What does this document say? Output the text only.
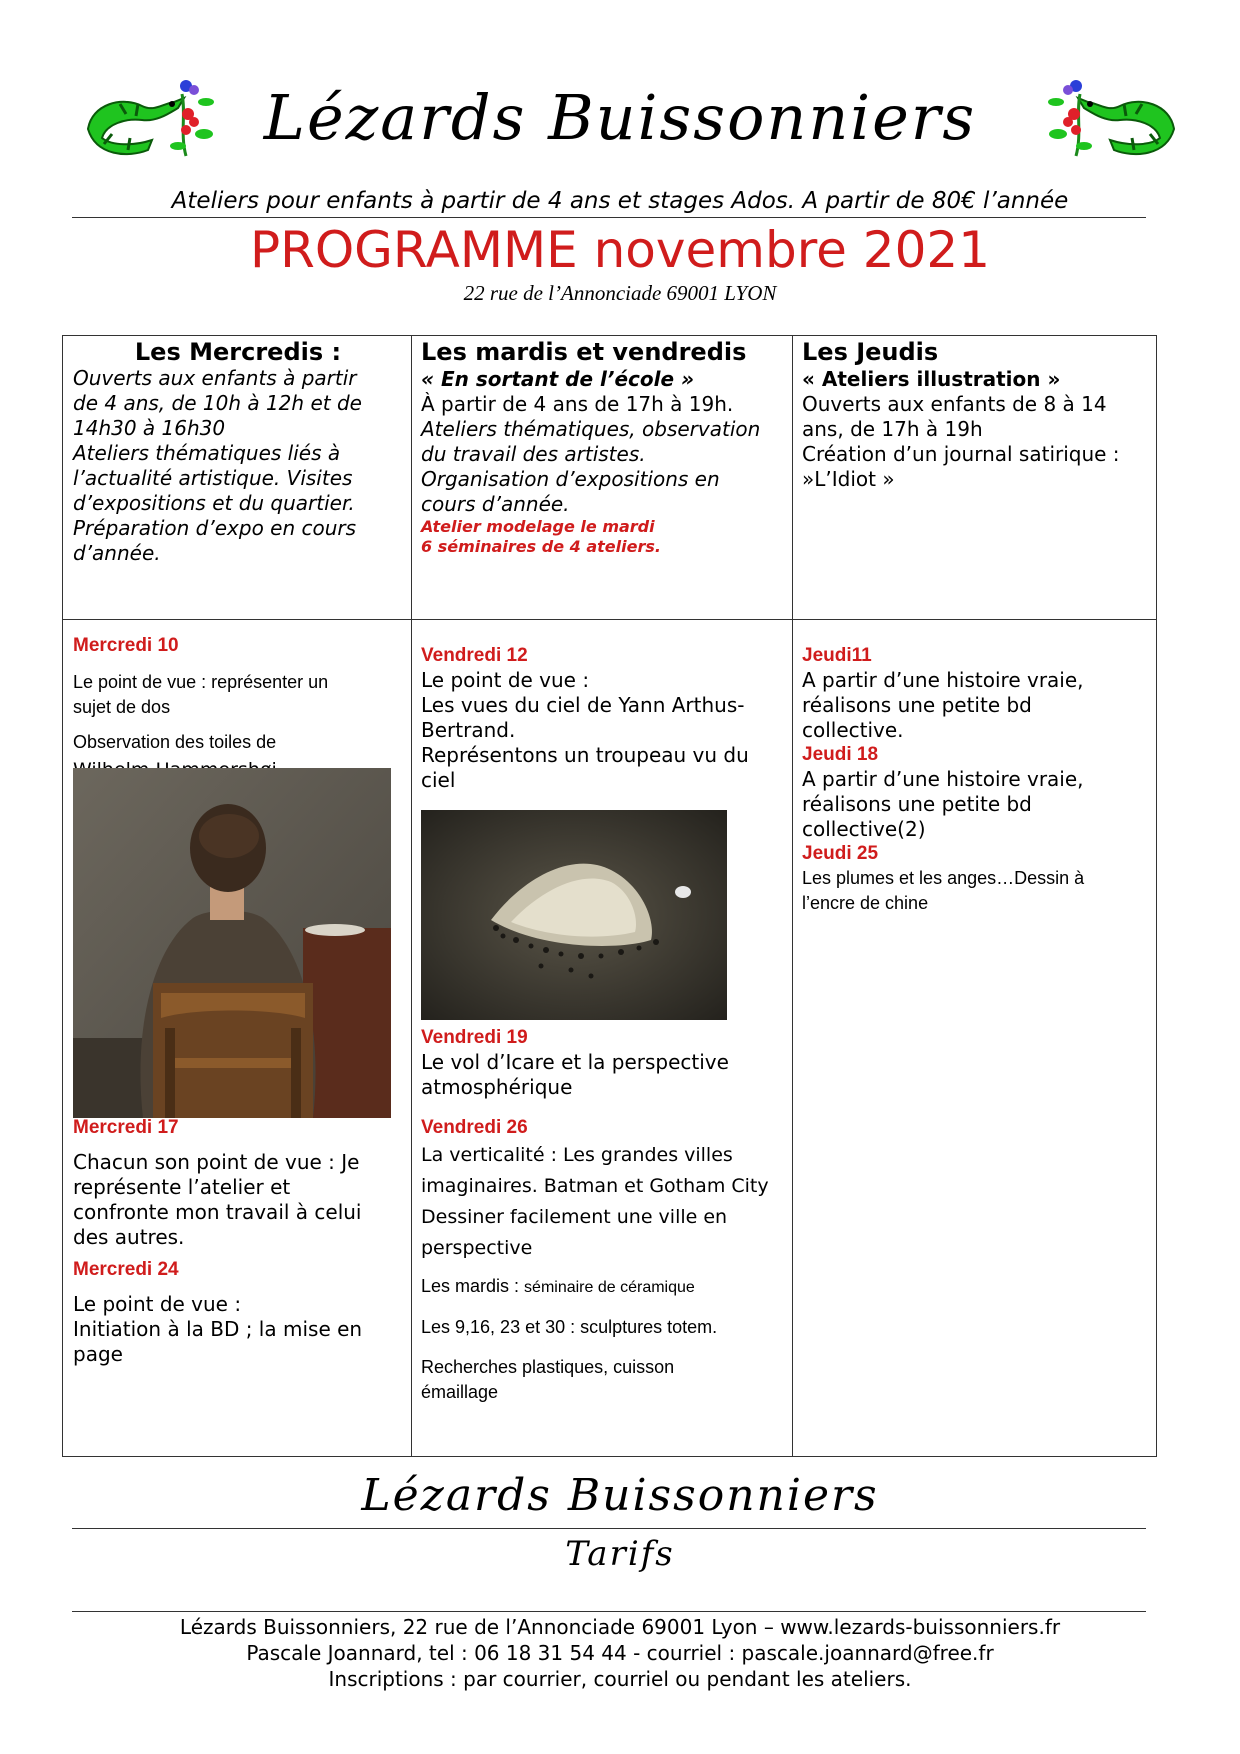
Lézards Buissonniers
Ateliers pour enfants à partir de 4 ans et stages Ados. A partir de 80€ l’année
PROGRAMME novembre 2021
22 rue de l’Annonciade 69001 LYON
Les Mercredis :
Ouverts aux enfants à partir
de 4 ans, de 10h à 12h et de
14h30 à 16h30
Ateliers thématiques liés à
l’actualité artistique. Visites
d’expositions et du quartier.
Préparation d’expo en cours
d’année.
Les mardis et vendredis
« En sortant de l’école »
À partir de 4 ans de 17h à 19h.
Ateliers thématiques, observation
du travail des artistes.
Organisation d’expositions en
cours d’année.
Atelier modelage le mardi
6 séminaires de 4 ateliers.
Les Jeudis
« Ateliers illustration »
Ouverts aux enfants de 8 à 14
ans, de 17h à 19h
Création d’un journal satirique :
»L’Idiot »
Mercredi 10
Le point de vue : représenter un
sujet de dos
Observation des toiles de
Mercredi 17
Chacun son point de vue : Je
représente l’atelier et
confronte mon travail à celui
des autres.
Mercredi 24
Le point de vue :
Initiation à la BD ; la mise en
page
Vendredi 12
Le point de vue :
Les vues du ciel de Yann Arthus-
Bertrand.
Représentons un troupeau vu du
ciel
Vendredi 19
Le vol d’Icare et la perspective
atmosphérique
Vendredi 26
La verticalité : Les grandes villes
imaginaires. Batman et Gotham City
Dessiner facilement une ville en
perspective
Les mardis : séminaire de céramique
Les 9,16, 23 et 30 : sculptures totem.
Recherches plastiques, cuisson
émaillage
Jeudi11
A partir d’une histoire vraie,
réalisons une petite bd
collective.
Jeudi 18
A partir d’une histoire vraie,
réalisons une petite bd
collective(2)
Jeudi 25
Les plumes et les anges…Dessin à
l’encre de chine
Lézards Buissonniers
Tarifs
Lézards Buissonniers, 22 rue de l’Annonciade 69001 Lyon – www.lezards-buissonniers.fr
Pascale Joannard, tel : 06 18 31 54 44 - courriel : pascale.joannard@free.fr
Inscriptions : par courrier, courriel ou pendant les ateliers.
